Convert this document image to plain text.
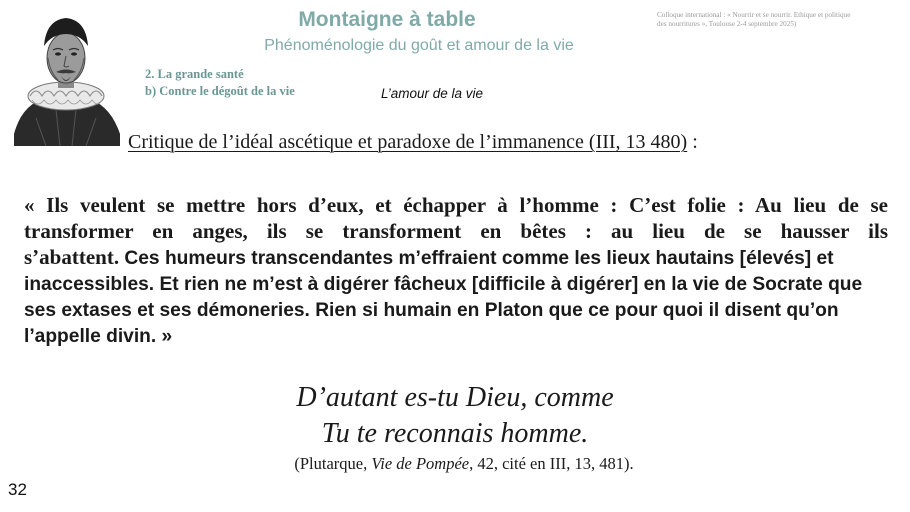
Montaigne à table
Phénoménologie du goût et amour de la vie
Colloque international : « Nourrir et se nourrir. Ethique et politique
des nourritures », Toulouse 2-4 septembre 2025)
2. La grande santé
b) Contre le dégoût de la vie	L’amour de la vie
Critique de l’idéal ascétique et paradoxe de l’immanence (III, 13 480) :
« Ils veulent se mettre hors d’eux, et échapper à l’homme : C’est folie : Au lieu de se
transformer en anges, ils se transforment en bêtes : au lieu de se hausser ils
s’abattent. Ces humeurs transcendantes m’effraient comme les lieux hautains [élevés] et inaccessibles. Et rien ne m’est à digérer fâcheux [difficile à digérer] en la vie de Socrate que ses extases et ses démoneries. Rien si humain en Platon que ce pour quoi il disent qu’on l’appelle divin. »
D’autant es-tu Dieu, comme
Tu te reconnais homme.
(Plutarque, Vie de Pompée, 42, cité en III, 13, 481).
32
